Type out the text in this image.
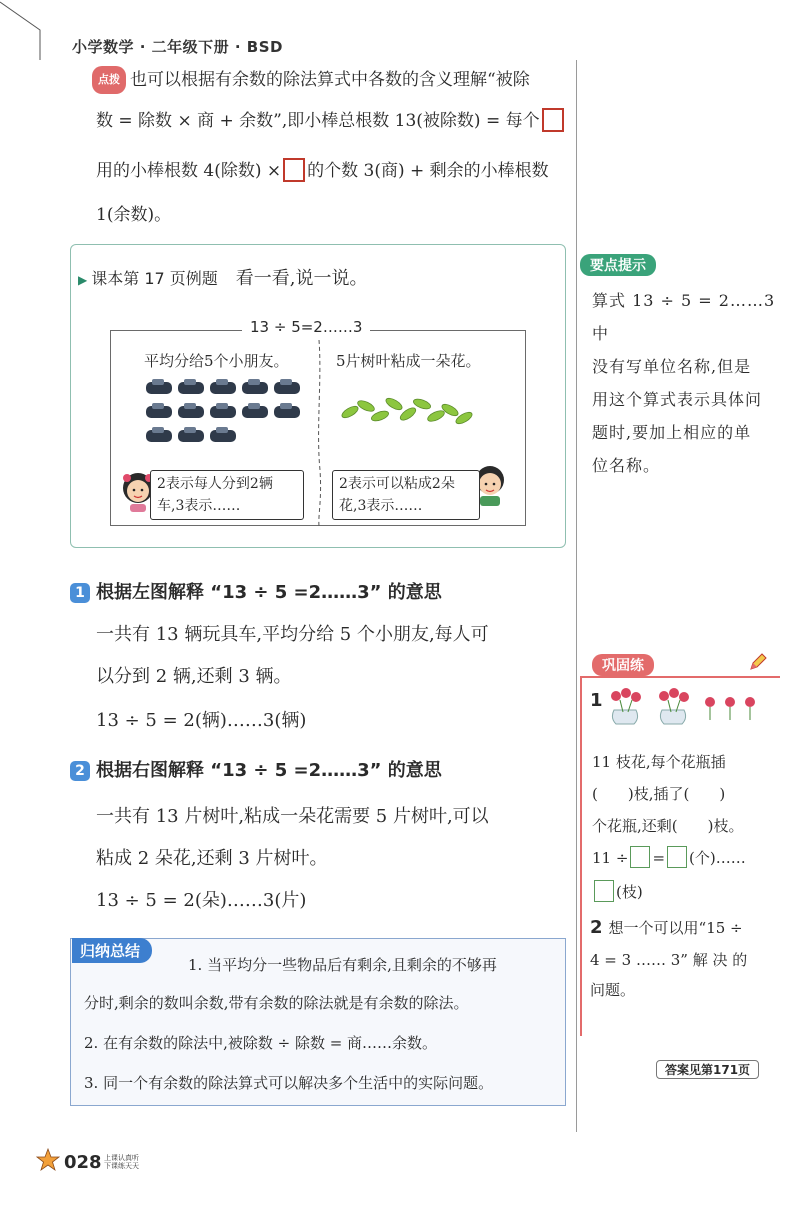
小学数学 · 二年级下册 · BSD
点拨 也可以根据有余数的除法算式中各数的含义理解“被除
数 = 除数 × 商 + 余数”,即小棒总根数 13(被除数) = 每个
用的小棒根数 4(除数) × 的个数 3(商) + 剩余的小棒根数
1(余数)。
▶ 课本第 17 页例题 看一看,说一说。
13 ÷ 5=2……3
平均分给5个小朋友。	5片树叶粘成一朵花。
2表示每人分到2辆
车,3表示……
2表示可以粘成2朵
花,3表示……
1 根据左图解释 “13 ÷ 5 =2……3” 的意思
一共有 13 辆玩具车,平均分给 5 个小朋友,每人可
以分到 2 辆,还剩 3 辆。
13 ÷ 5 = 2(辆)……3(辆)
2 根据右图解释 “13 ÷ 5 =2……3” 的意思
一共有 13 片树叶,粘成一朵花需要 5 片树叶,可以
粘成 2 朵花,还剩 3 片树叶。
13 ÷ 5 = 2(朵)……3(片)
归纳总结
1. 当平均分一些物品后有剩余,且剩余的不够再
分时,剩余的数叫余数,带有余数的除法就是有余数的除法。
2. 在有余数的除法中,被除数 ÷ 除数 = 商……余数。
3. 同一个有余数的除法算式可以解决多个生活中的实际问题。
要点提示
算式 13 ÷ 5 = 2……3 中
没有写单位名称,但是
用这个算式表示具体问
题时,要加上相应的单
位名称。
巩固练
1
11 枝花,每个花瓶插
(　　)枝,插了(　　)
个花瓶,还剩(　　)枝。
11 ÷ = (个)……
(枝)
2 想一个可以用“15 ÷
4 = 3 …… 3” 解 决 的
问题。
答案见第171页
028 上课认真听
下课练天天
